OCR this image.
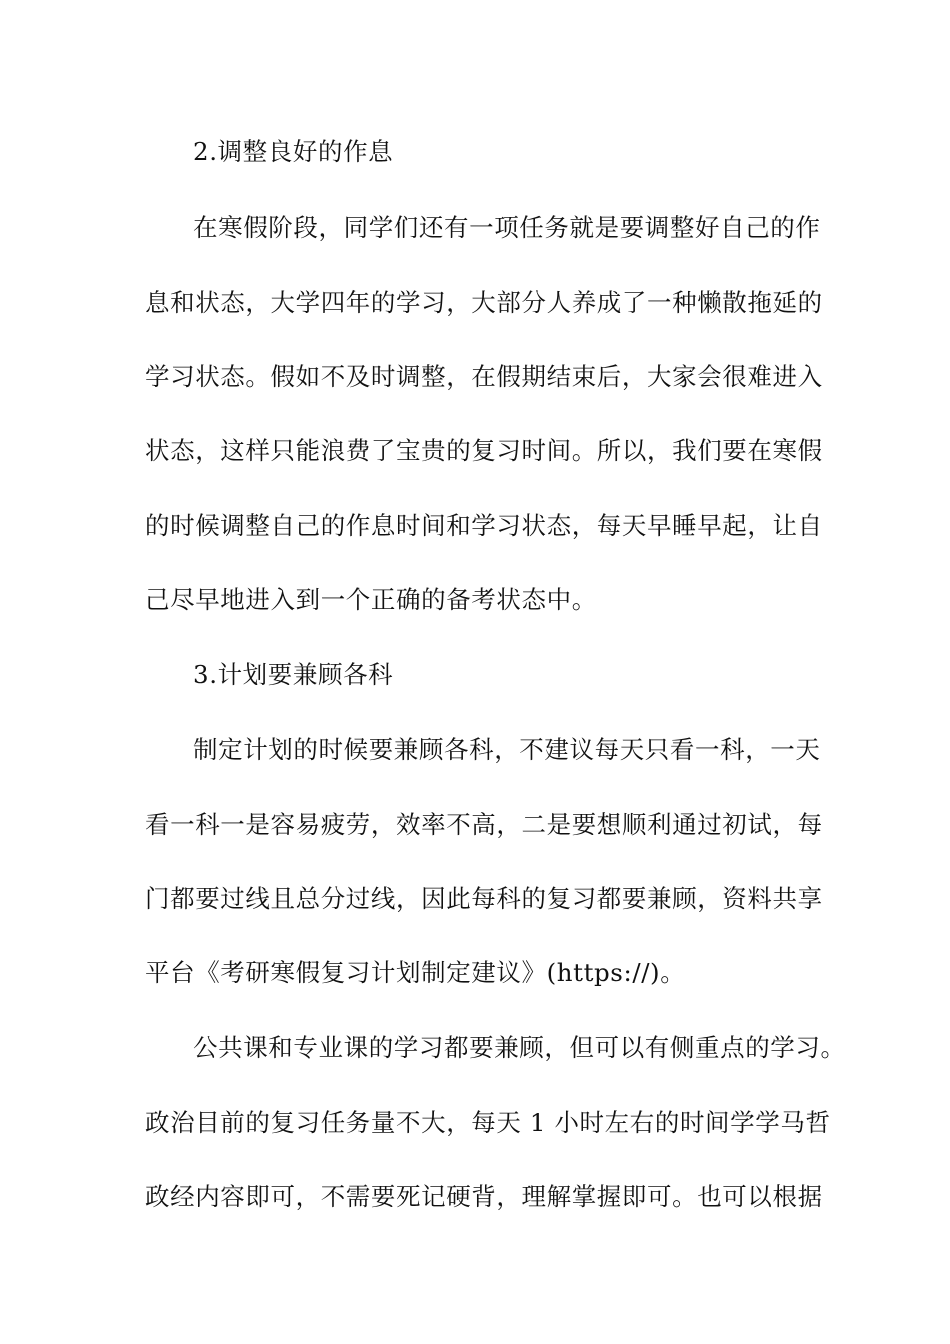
2.调整良好的作息
在寒假阶段，同学们还有一项任务就是要调整好自己的作
息和状态，大学四年的学习，大部分人养成了一种懒散拖延的
学习状态。假如不及时调整，在假期结束后，大家会很难进入
状态，这样只能浪费了宝贵的复习时间。所以，我们要在寒假
的时候调整自己的作息时间和学习状态，每天早睡早起，让自
己尽早地进入到一个正确的备考状态中。
3.计划要兼顾各科
制定计划的时候要兼顾各科，不建议每天只看一科，一天
看一科一是容易疲劳，效率不高，二是要想顺利通过初试，每
门都要过线且总分过线，因此每科的复习都要兼顾，资料共享
平台《考研寒假复习计划制定建议》(https://)。
公共课和专业课的学习都要兼顾，但可以有侧重点的学习。
政治目前的复习任务量不大，每天 1 小时左右的时间学学马哲
政经内容即可，不需要死记硬背，理解掌握即可。也可以根据
